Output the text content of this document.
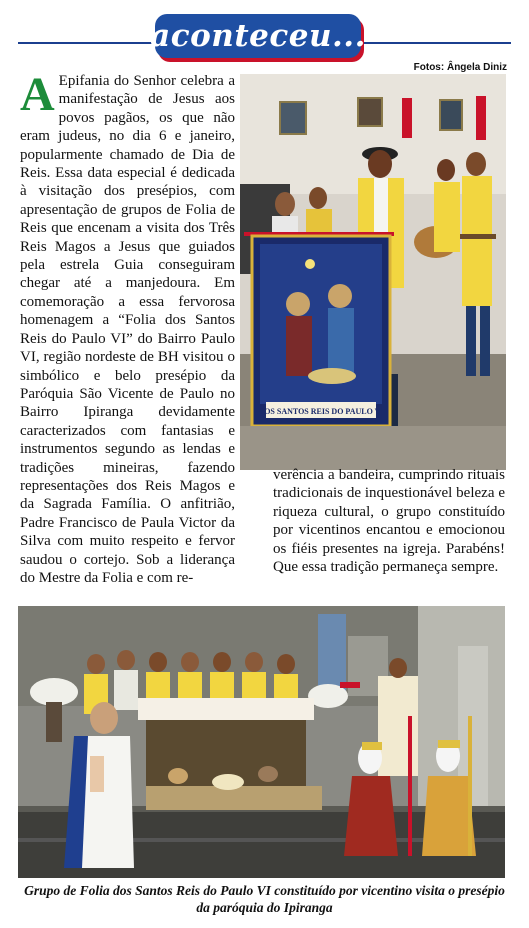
aconteceu...
Fotos: Ângela Diniz
A Epifania do Senhor celebra a manifestação de Jesus aos povos pagãos, os que não eram judeus, no dia 6 e janeiro, popularmente chamado de Dia de Reis. Essa data especial é dedicada à visitação dos presépios, com apresentação de grupos de Folia de Reis que encenam a visita dos Três Reis Magos a Jesus que guiados pela estrela Guia conseguiram chegar até a manjedoura. Em comemoração a essa fervorosa homenagem a “Folia dos Santos Reis do Paulo VI” do Bairro Paulo VI, região nordeste de BH visitou o simbólico e belo presépio da Paróquia São Vicente de Paulo no Bairro Ipiranga devidamente caracterizados com fantasias e instrumentos segundo as lendas e tradições mineiras, fazendo representações dos Reis Magos e da Sagrada Família. O anfitrião, Padre Francisco de Paula Victor da Silva com muito respeito e fervor saudou o cortejo. Sob a liderança do Mestre da Folia e com re-
DOS SANTOS REIS DO PAULO VI
verência a bandeira, cumprindo rituais tradicionais de inquestionável beleza e riqueza cultural, o grupo constituído por vicentinos encantou e emocionou os fiéis presentes na igreja. Parabéns! Que essa tradição permaneça sempre.
Grupo de Folia dos Santos Reis do Paulo VI constituído por vicentino visita o presépio da paróquia do Ipiranga
